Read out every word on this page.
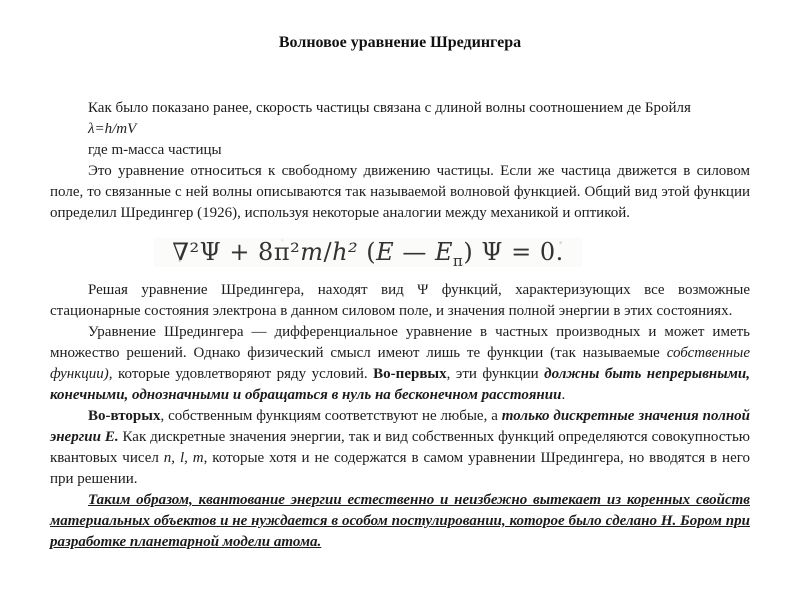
Волновое уравнение Шредингера

Как было показано ранее, скорость частицы связана с длиной волны соотношением де Бройля

λ=h/mV

где m-масса частицы

Это уравнение относиться к свободному движению частицы. Если же частица движется в силовом поле, то связанные с ней волны описываются так называемой волновой функцией. Общий вид этой функции определил Шредингер (1926), используя некоторые аналогии между механикой и оптикой.

∇²Ψ + 8π²m/h² (E — $E_п$) Ψ = 0.

Решая уравнение Шредингера, находят вид Ψ функций, характеризующих все возможные стационарные состояния электрона в данном силовом поле, и значения полной энергии в этих состояниях.

Уравнение Шредингера — дифференциальное уравнение в частных производных и может иметь множество решений. Однако физический смысл имеют лишь те функции (так называемые собственные функции), которые удовлетворяют ряду условий. Во-первых, эти функции должны быть непрерывными, конечными, однозначными и обращаться в нуль на бесконечном расстоянии.

Во-вторых, собственным функциям соответствуют не любые, а только дискретные значения полной энергии Е. Как дискретные значения энергии, так и вид собственных функций определяются совокупностью квантовых чисел n, l, m, которые хотя и не содержатся в самом уравнении Шредингера, но вводятся в него при решении.

Таким образом, квантование энергии естественно и неизбежно вытекает из коренных свойств материальных объектов и не нуждается в особом постулировании, которое было сделано Н. Бором при разработке планетарной модели атома.
